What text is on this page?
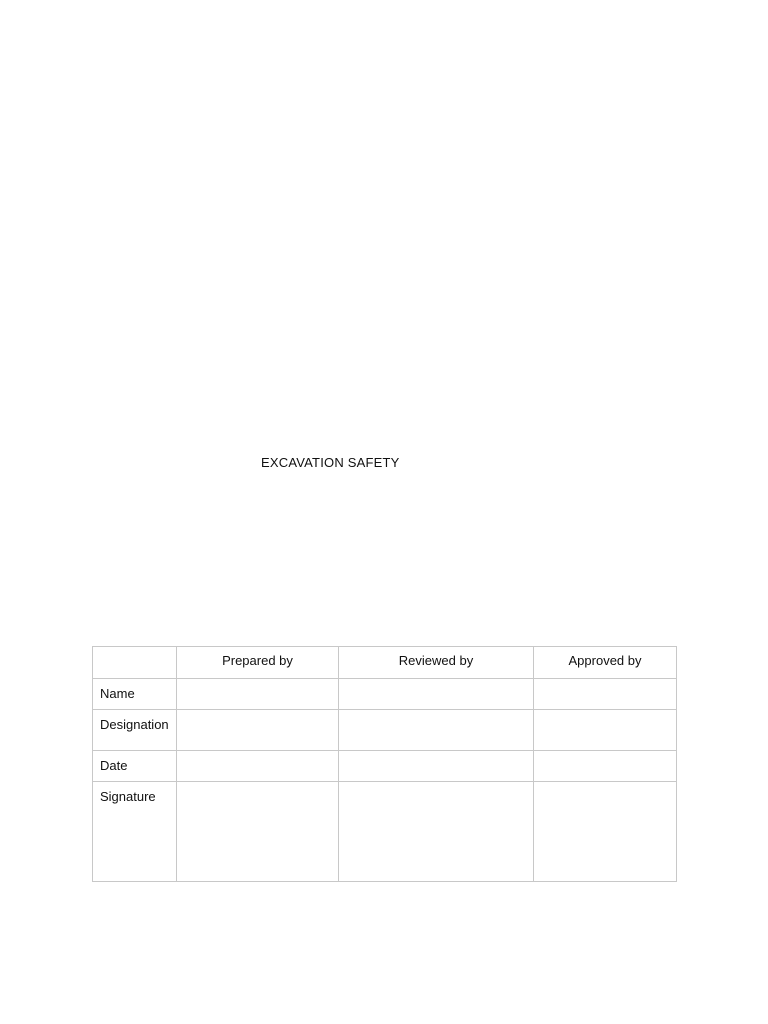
EXCAVATION SAFETY
	Prepared by	Reviewed by	Approved by
Name			
Designation			
Date			
Signature			
